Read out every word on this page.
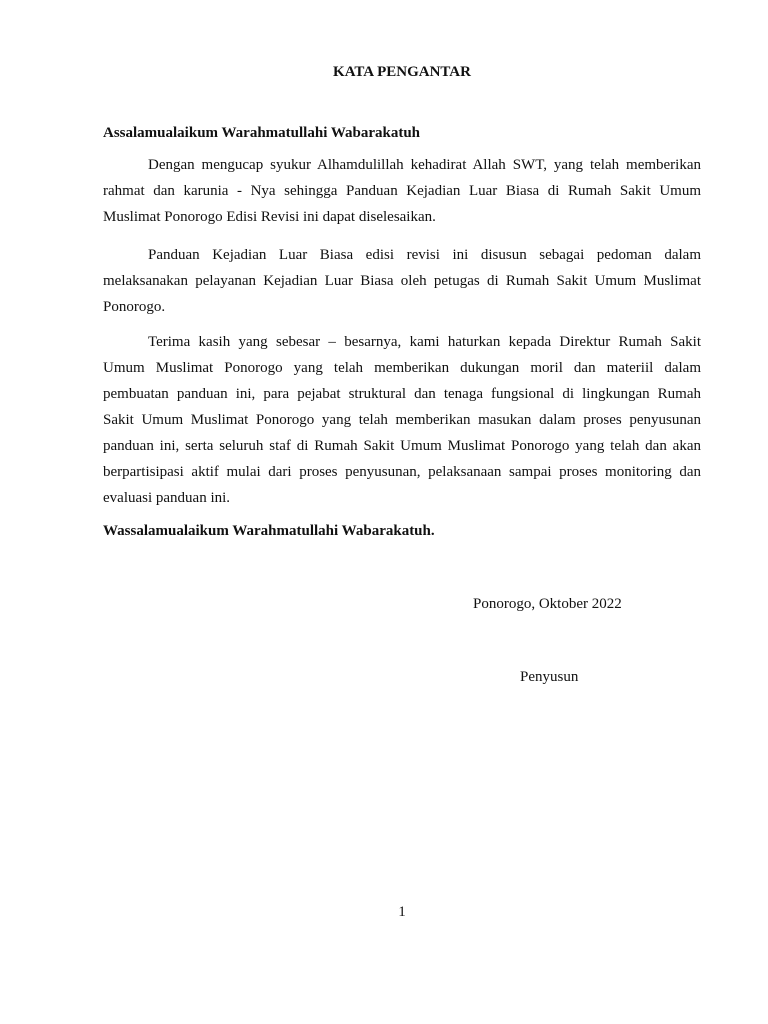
KATA PENGANTAR
Assalamualaikum Warahmatullahi Wabarakatuh
Dengan mengucap syukur Alhamdulillah kehadirat Allah SWT, yang telah memberikan
rahmat dan karunia - Nya sehingga Panduan Kejadian Luar Biasa di Rumah Sakit Umum
Muslimat Ponorogo Edisi Revisi ini dapat diselesaikan.
Panduan Kejadian Luar Biasa edisi revisi ini disusun sebagai pedoman dalam
melaksanakan pelayanan Kejadian Luar Biasa oleh petugas di Rumah Sakit Umum Muslimat
Ponorogo.
Terima kasih yang sebesar – besarnya, kami haturkan kepada Direktur Rumah Sakit
Umum Muslimat Ponorogo yang telah memberikan dukungan moril dan materiil dalam
pembuatan panduan ini, para pejabat struktural dan tenaga fungsional di lingkungan Rumah
Sakit Umum Muslimat Ponorogo yang telah memberikan masukan dalam proses penyusunan
panduan ini, serta seluruh staf di Rumah Sakit Umum Muslimat Ponorogo yang telah dan akan
berpartisipasi aktif mulai dari proses penyusunan, pelaksanaan sampai proses monitoring dan
evaluasi panduan ini.
Wassalamualaikum Warahmatullahi Wabarakatuh.
Ponorogo, Oktober 2022
Penyusun
1
